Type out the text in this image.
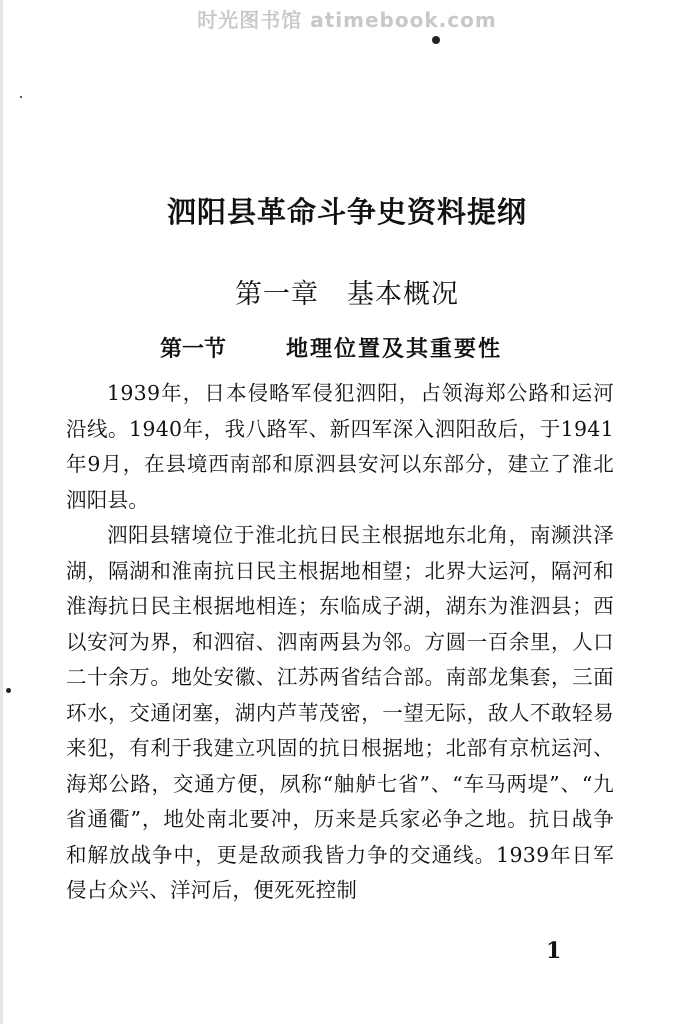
时光图书馆 atimebook.com
泗阳县革命斗争史资料提纲
第一章　基本概况
第一节	地理位置及其重要性

1939年，日本侵略军侵犯泗阳，占领海郑公路和运河沿线。1940年，我八路军、新四军深入泗阳敌后，于1941年9月，在县境西南部和原泗县安河以东部分，建立了淮北泗阳县。

泗阳县辖境位于淮北抗日民主根据地东北角，南濒洪泽湖，隔湖和淮南抗日民主根据地相望；北界大运河，隔河和淮海抗日民主根据地相连；东临成子湖，湖东为淮泗县；西以安河为界，和泗宿、泗南两县为邻。方圆一百余里，人口二十余万。地处安徽、江苏两省结合部。南部龙集套，三面环水，交通闭塞，湖内芦苇茂密，一望无际，敌人不敢轻易来犯，有利于我建立巩固的抗日根据地；北部有京杭运河、海郑公路，交通方便，夙称“舳舻七省”、“车马两堤”、“九省通衢”，地处南北要冲，历来是兵家必争之地。抗日战争和解放战争中，更是敌顽我皆力争的交通线。1939年日军侵占众兴、洋河后，便死死控制

1
